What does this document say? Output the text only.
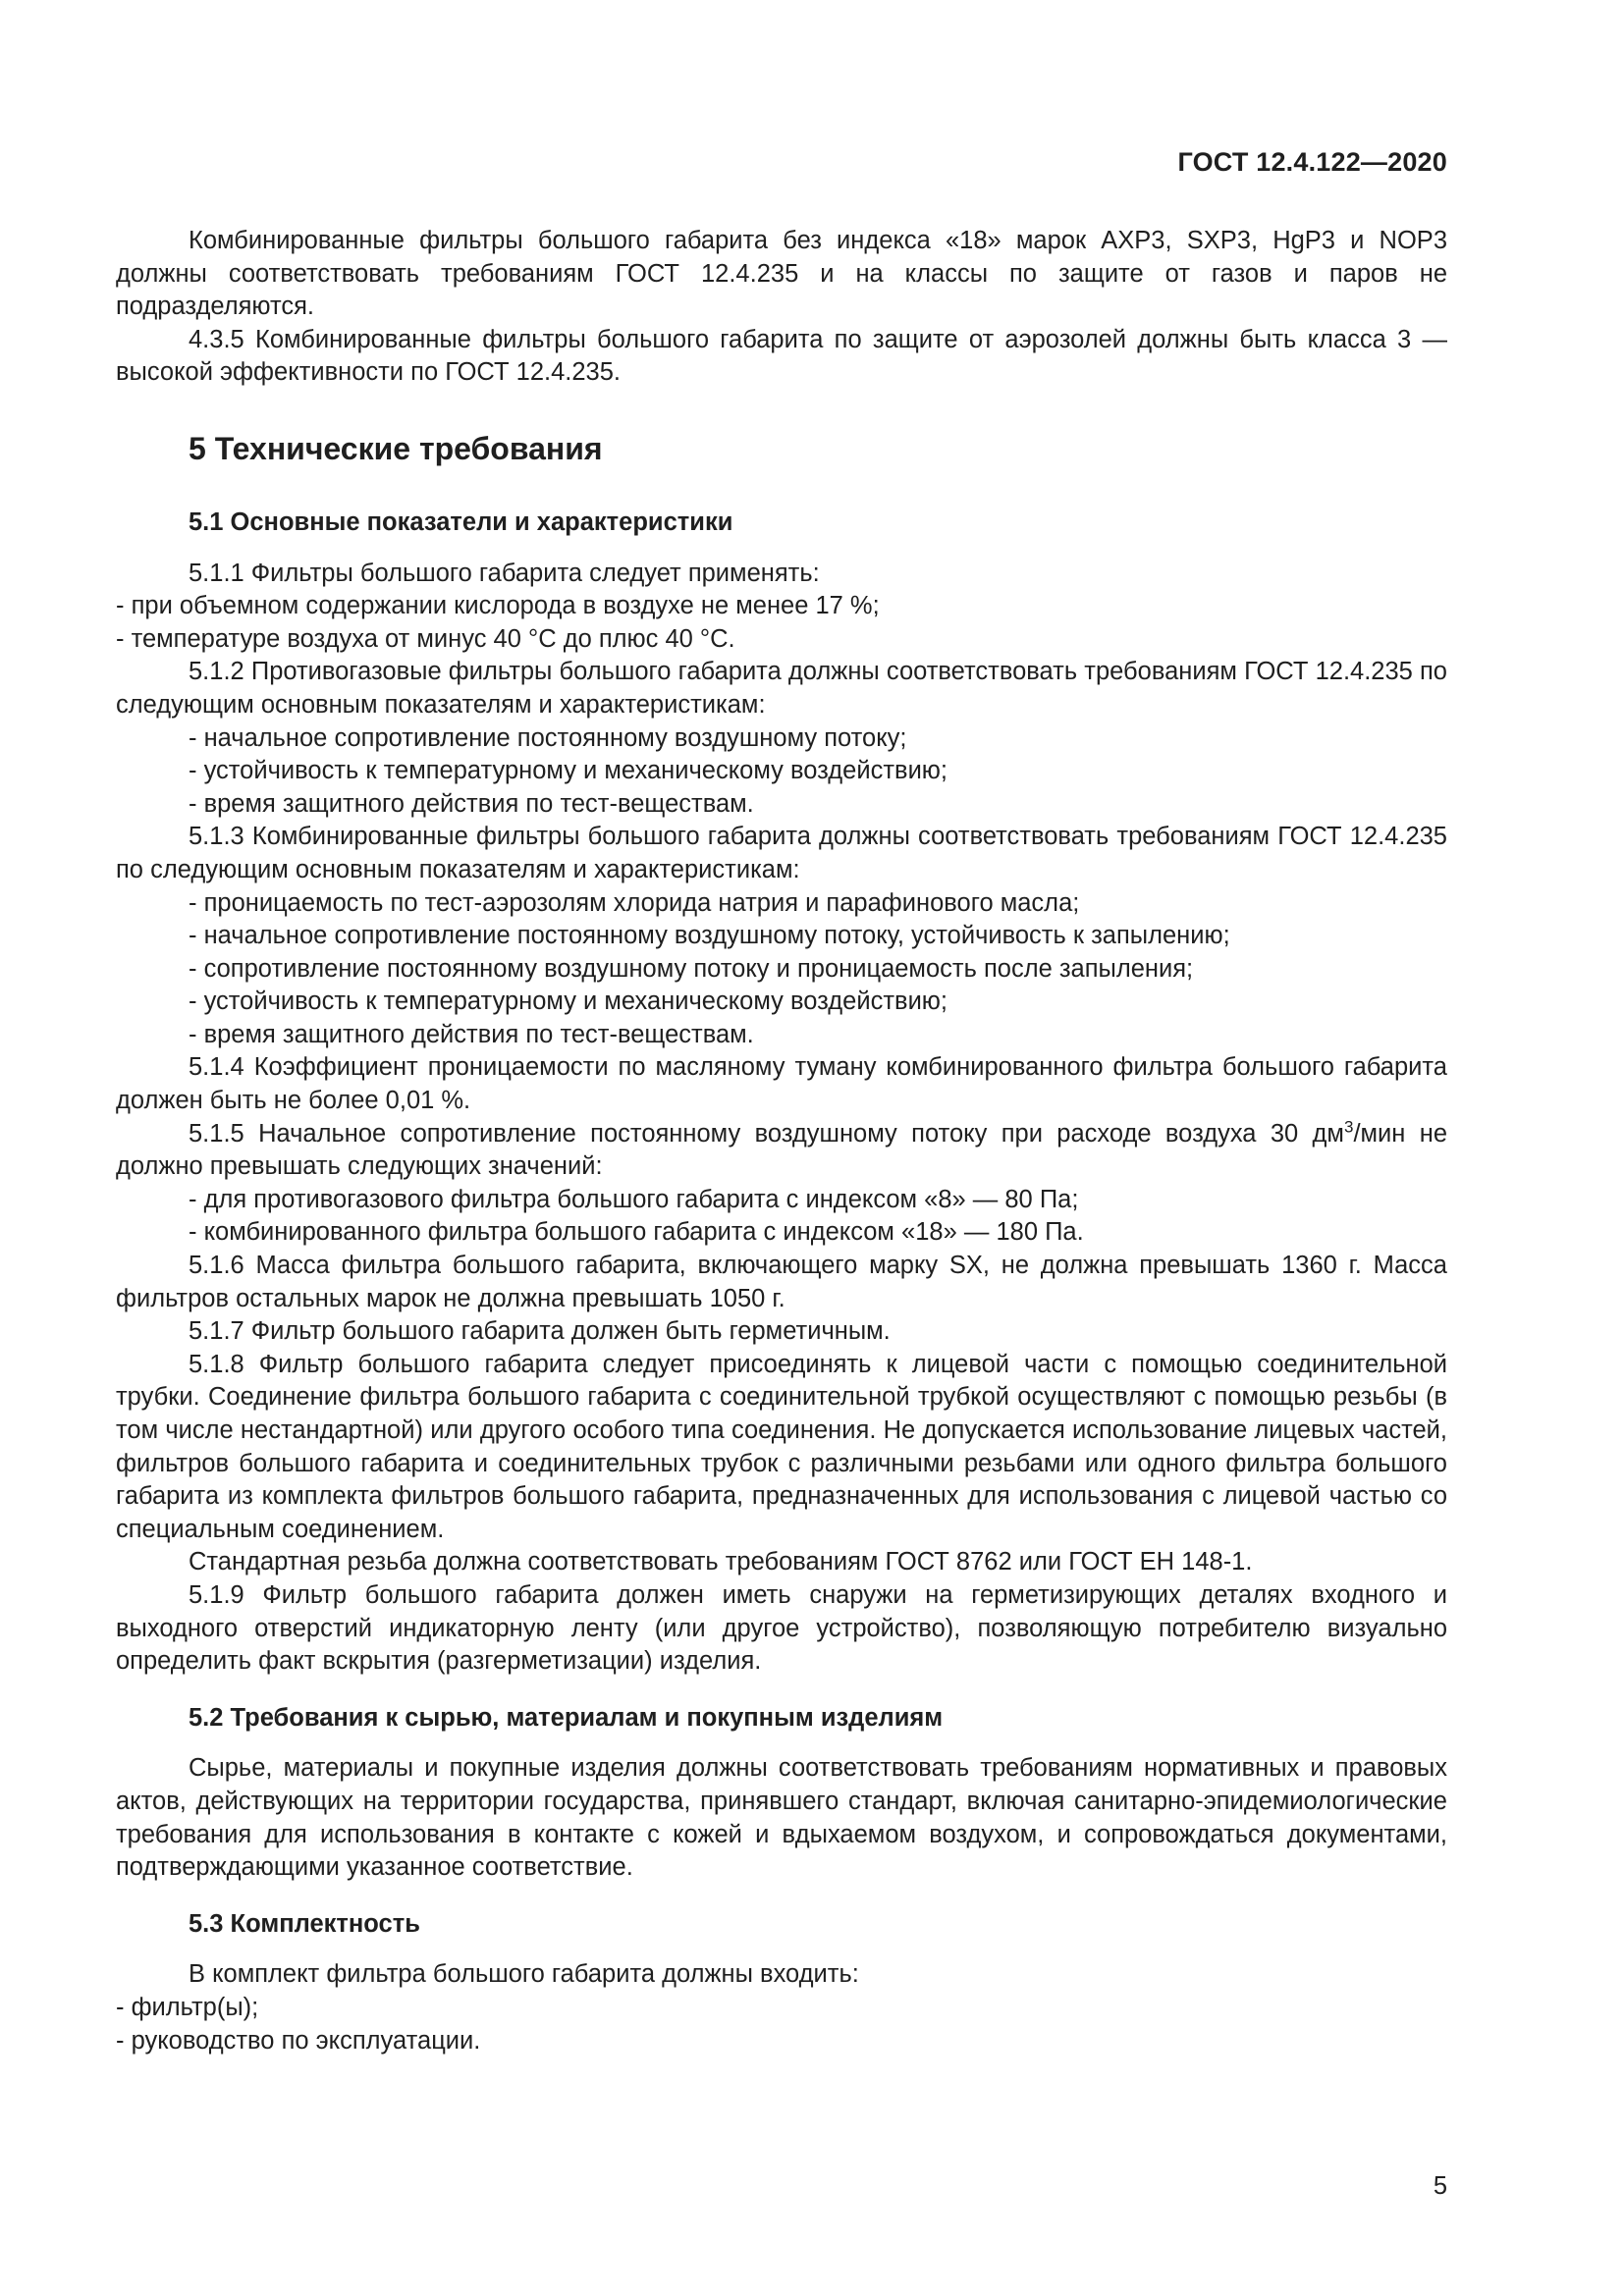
ГОСТ 12.4.122—2020

Комбинированные фильтры большого габарита без индекса «18» марок AXP3, SXP3, HgP3 и NOP3 должны соответствовать требованиям ГОСТ 12.4.235 и на классы по защите от газов и паров не подразделяются.

4.3.5 Комбинированные фильтры большого габарита по защите от аэрозолей должны быть класса 3 — высокой эффективности по ГОСТ 12.4.235.

5 Технические требования
5.1 Основные показатели и характеристики

5.1.1 Фильтры большого габарита следует применять:

- при объемном содержании кислорода в воздухе не менее 17 %;

- температуре воздуха от минус 40 °С до плюс 40 °С.

5.1.2 Противогазовые фильтры большого габарита должны соответствовать требованиям ГОСТ 12.4.235 по следующим основным показателям и характеристикам:

- начальное сопротивление постоянному воздушному потоку;

- устойчивость к температурному и механическому воздействию;

- время защитного действия по тест-веществам.

5.1.3 Комбинированные фильтры большого габарита должны соответствовать требованиям ГОСТ 12.4.235 по следующим основным показателям и характеристикам:

- проницаемость по тест-аэрозолям хлорида натрия и парафинового масла;

- начальное сопротивление постоянному воздушному потоку, устойчивость к запылению;

- сопротивление постоянному воздушному потоку и проницаемость после запыления;

- устойчивость к температурному и механическому воздействию;

- время защитного действия по тест-веществам.

5.1.4 Коэффициент проницаемости по масляному туману комбинированного фильтра большого габарита должен быть не более 0,01 %.

5.1.5 Начальное сопротивление постоянному воздушному потоку при расходе воздуха 30 $дм^3$/мин не должно превышать следующих значений:

- для противогазового фильтра большого габарита с индексом «8» — 80 Па;

- комбинированного фильтра большого габарита с индексом «18» — 180 Па.

5.1.6 Масса фильтра большого габарита, включающего марку SX, не должна превышать 1360 г. Масса фильтров остальных марок не должна превышать 1050 г.

5.1.7 Фильтр большого габарита должен быть герметичным.

5.1.8 Фильтр большого габарита следует присоединять к лицевой части с помощью соединительной трубки. Соединение фильтра большого габарита с соединительной трубкой осуществляют с помощью резьбы (в том числе нестандартной) или другого особого типа соединения. Не допускается использование лицевых частей, фильтров большого габарита и соединительных трубок с различными резьбами или одного фильтра большого габарита из комплекта фильтров большого габарита, предназначенных для использования с лицевой частью со специальным соединением.

Стандартная резьба должна соответствовать требованиям ГОСТ 8762 или ГОСТ ЕН 148-1.

5.1.9 Фильтр большого габарита должен иметь снаружи на герметизирующих деталях входного и выходного отверстий индикаторную ленту (или другое устройство), позволяющую потребителю визуально определить факт вскрытия (разгерметизации) изделия.

5.2 Требования к сырью, материалам и покупным изделиям

Сырье, материалы и покупные изделия должны соответствовать требованиям нормативных и правовых актов, действующих на территории государства, принявшего стандарт, включая санитарно-эпидемиологические требования для использования в контакте с кожей и вдыхаемом воздухом, и сопровождаться документами, подтверждающими указанное соответствие.

5.3 Комплектность

В комплект фильтра большого габарита должны входить:

- фильтр(ы);

- руководство по эксплуатации.

5
